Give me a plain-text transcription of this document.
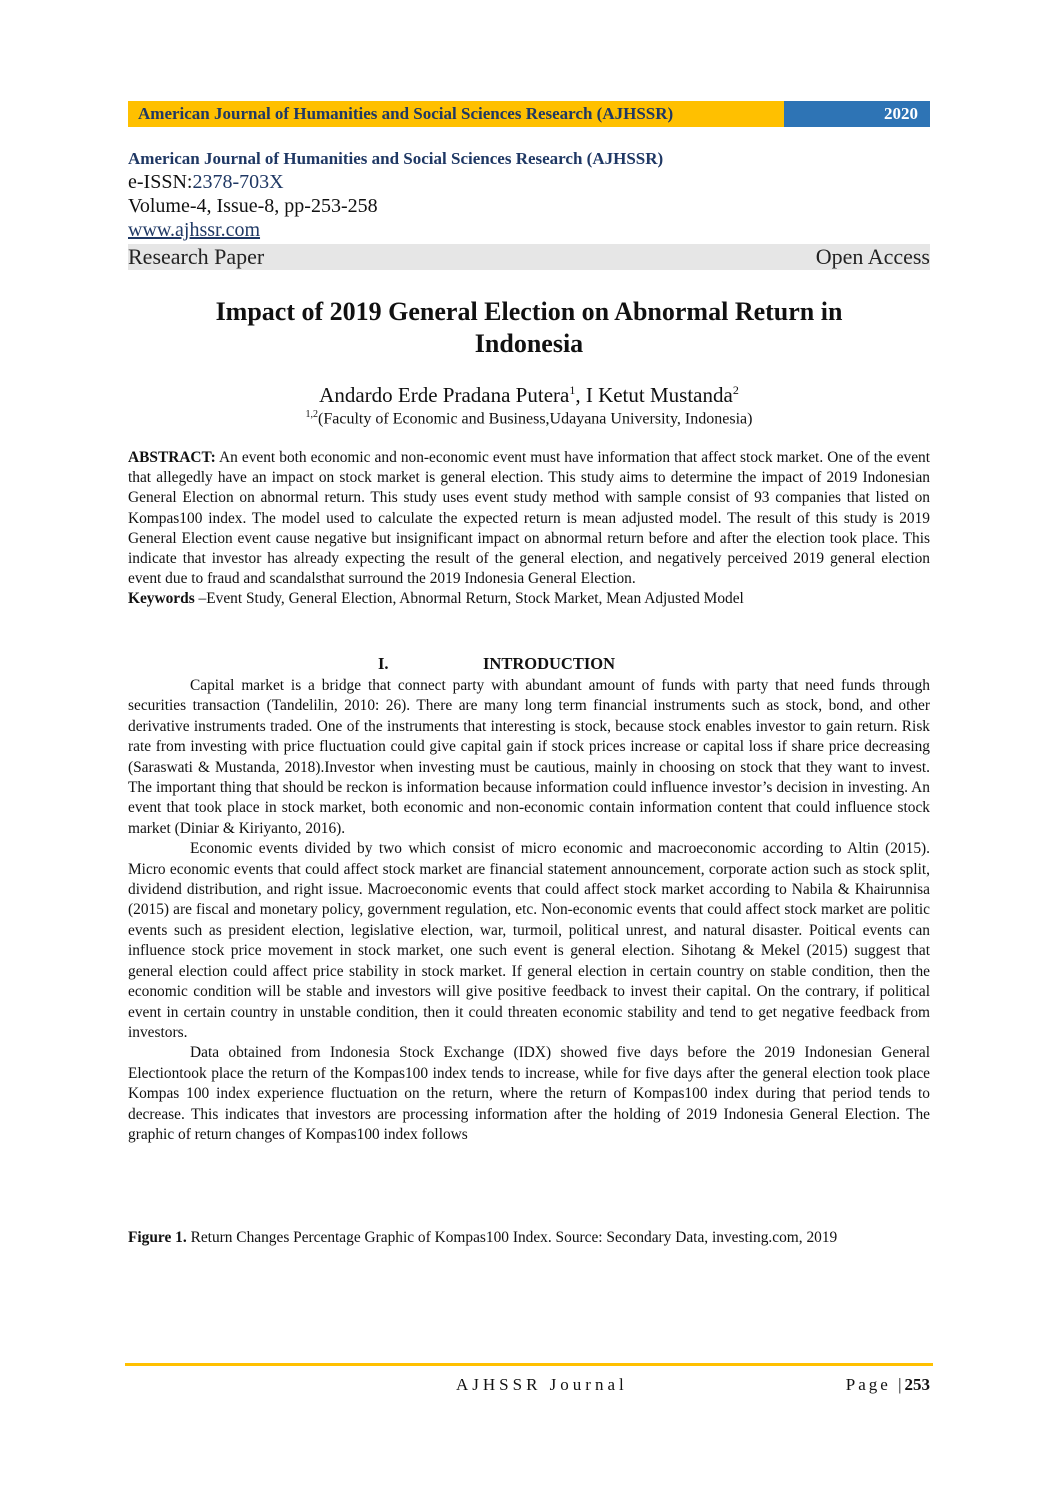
American Journal of Humanities and Social Sciences Research (AJHSSR)	2020
American Journal of Humanities and Social Sciences Research (AJHSSR)
e-ISSN:2378-703X
Volume-4, Issue-8, pp-253-258
www.ajhssr.com
Research Paper	Open Access
Impact of 2019 General Election on Abnormal Return in
Indonesia
Andardo Erde Pradana Putera$^1$, I Ketut Mustanda$^2$
$^{1,2}$(Faculty of Economic and Business,Udayana University, Indonesia)
ABSTRACT: An event both economic and non-economic event must have information that affect stock market. One of the event that allegedly have an impact on stock market is general election. This study aims to determine the impact of 2019 Indonesian General Election on abnormal return. This study uses event study method with sample consist of 93 companies that listed on Kompas100 index. The model used to calculate the expected return is mean adjusted model. The result of this study is 2019 General Election event cause negative but insignificant impact on abnormal return before and after the election took place. This indicate that investor has already expecting the result of the general election, and negatively perceived 2019 general election event due to fraud and scandalsthat surround the 2019 Indonesia General Election.
Keywords –Event Study, General Election, Abnormal Return, Stock Market, Mean Adjusted Model
I.	INTRODUCTION

Capital market is a bridge that connect party with abundant amount of funds with party that need funds through securities transaction (Tandelilin, 2010: 26). There are many long term financial instruments such as stock, bond, and other derivative instruments traded. One of the instruments that interesting is stock, because stock enables investor to gain return. Risk rate from investing with price fluctuation could give capital gain if stock prices increase or capital loss if share price decreasing (Saraswati & Mustanda, 2018).Investor when investing must be cautious, mainly in choosing on stock that they want to invest. The important thing that should be reckon is information because information could influence investor’s decision in investing. An event that took place in stock market, both economic and non-economic contain information content that could influence stock market (Diniar & Kiriyanto, 2016).

Economic events divided by two which consist of micro economic and macroeconomic according to Altin (2015). Micro economic events that could affect stock market are financial statement announcement, corporate action such as stock split, dividend distribution, and right issue. Macroeconomic events that could affect stock market according to Nabila & Khairunnisa (2015) are fiscal and monetary policy, government regulation, etc. Non-economic events that could affect stock market are politic events such as president election, legislative election, war, turmoil, political unrest, and natural disaster. Poitical events can influence stock price movement in stock market, one such event is general election. Sihotang & Mekel (2015) suggest that general election could affect price stability in stock market. If general election in certain country on stable condition, then the economic condition will be stable and investors will give positive feedback to invest their capital. On the contrary, if political event in certain country in unstable condition, then it could threaten economic stability and tend to get negative feedback from investors.

Data obtained from Indonesia Stock Exchange (IDX) showed five days before the 2019 Indonesian General Electiontook place the return of the Kompas100 index tends to increase, while for five days after the general election took place Kompas 100 index experience fluctuation on the return, where the return of Kompas100 index during that period tends to decrease. This indicates that investors are processing information after the holding of 2019 Indonesia General Election. The graphic of return changes of Kompas100 index follows

Figure 1. Return Changes Percentage Graphic of Kompas100 Index. Source: Secondary Data, investing.com, 2019
AJHSSR Journal	Page |253
